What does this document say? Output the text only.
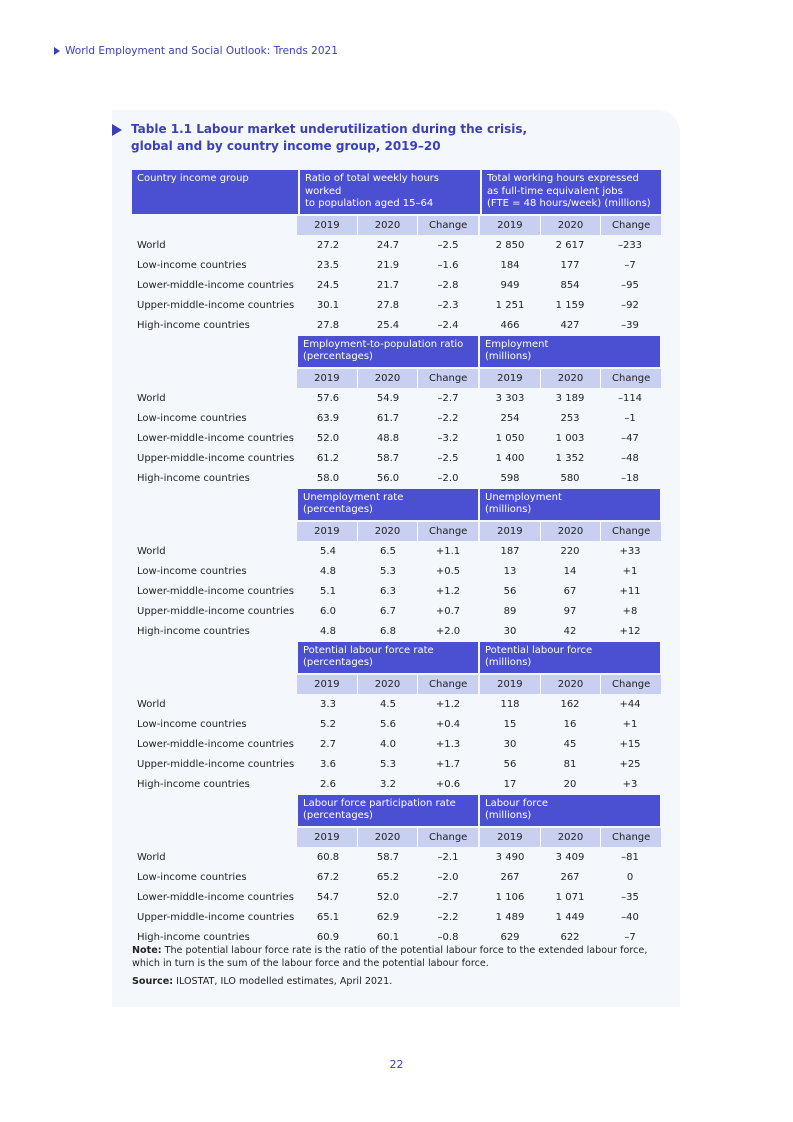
World Employment and Social Outlook: Trends 2021
Table 1.1 Labour market underutilization during the crisis,
global and by country income group, 2019–20
Country income group	Ratio of total weekly hours worked
to population aged 15–64
Total working hours expressed
as full-time equivalent jobs
(FTE = 48 hours/week) (millions)
2019	2020	Change	2019	2020	Change
World	27.2	24.7	–2.5	2 850	2 617	–233
Low-income countries	23.5	21.9	–1.6	184	177	–7
Lower-middle-income countries	24.5	21.7	–2.8	949	854	–95
Upper-middle-income countries	30.1	27.8	–2.3	1 251	1 159	–92
High-income countries	27.8	25.4	–2.4	466	427	–39
Employment-to-population ratio
(percentages)
Employment
(millions)
2019	2020	Change	2019	2020	Change
World	57.6	54.9	–2.7	3 303	3 189	–114
Low-income countries	63.9	61.7	–2.2	254	253	–1
Lower-middle-income countries	52.0	48.8	–3.2	1 050	1 003	–47
Upper-middle-income countries	61.2	58.7	–2.5	1 400	1 352	–48
High-income countries	58.0	56.0	–2.0	598	580	–18
Unemployment rate
(percentages)
Unemployment
(millions)
2019	2020	Change	2019	2020	Change
World	5.4	6.5	+1.1	187	220	+33
Low-income countries	4.8	5.3	+0.5	13	14	+1
Lower-middle-income countries	5.1	6.3	+1.2	56	67	+11
Upper-middle-income countries	6.0	6.7	+0.7	89	97	+8
High-income countries	4.8	6.8	+2.0	30	42	+12
Potential labour force rate
(percentages)
Potential labour force
(millions)
2019	2020	Change	2019	2020	Change
World	3.3	4.5	+1.2	118	162	+44
Low-income countries	5.2	5.6	+0.4	15	16	+1
Lower-middle-income countries	2.7	4.0	+1.3	30	45	+15
Upper-middle-income countries	3.6	5.3	+1.7	56	81	+25
High-income countries	2.6	3.2	+0.6	17	20	+3
Labour force participation rate
(percentages)
Labour force
(millions)
2019	2020	Change	2019	2020	Change
World	60.8	58.7	–2.1	3 490	3 409	–81
Low-income countries	67.2	65.2	–2.0	267	267	0
Lower-middle-income countries	54.7	52.0	–2.7	1 106	1 071	–35
Upper-middle-income countries	65.1	62.9	–2.2	1 489	1 449	–40
High-income countries	60.9	60.1	–0.8	629	622	–7
Note: The potential labour force rate is the ratio of the potential labour force to the extended labour force, which in turn is the sum of the labour force and the potential labour force.
Source: ILOSTAT, ILO modelled estimates, April 2021.
22
